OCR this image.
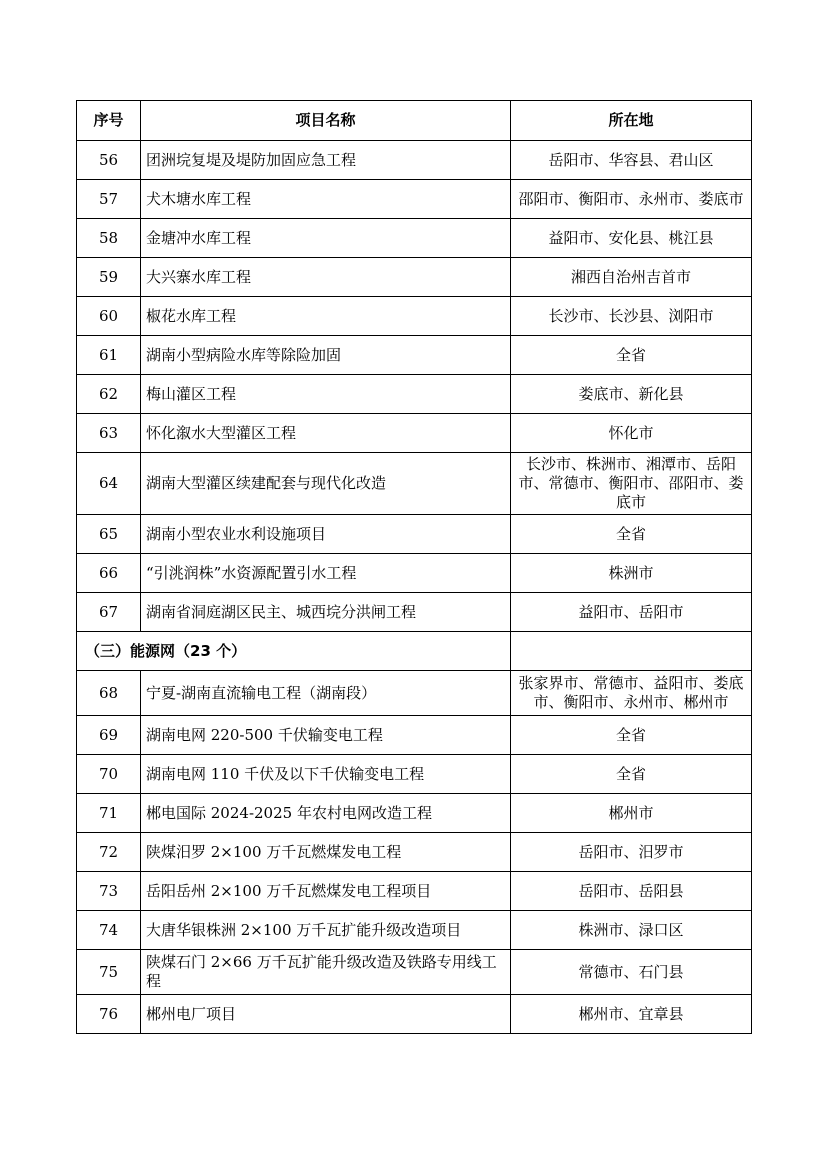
序号	项目名称	所在地
56	团洲垸复堤及堤防加固应急工程	岳阳市、华容县、君山区
57	犬木塘水库工程	邵阳市、衡阳市、永州市、娄底市
58	金塘冲水库工程	益阳市、安化县、桃江县
59	大兴寨水库工程	湘西自治州吉首市
60	椒花水库工程	长沙市、长沙县、浏阳市
61	湖南小型病险水库等除险加固	全省
62	梅山灌区工程	娄底市、新化县
63	怀化溆水大型灌区工程	怀化市
64	湖南大型灌区续建配套与现代化改造	长沙市、株洲市、湘潭市、岳阳市、常德市、衡阳市、邵阳市、娄底市
65	湖南小型农业水利设施项目	全省
66	“引洮润株”水资源配置引水工程	株洲市
67	湖南省洞庭湖区民主、城西垸分洪闸工程	益阳市、岳阳市
（三）能源网（23 个）		
68	宁夏-湖南直流输电工程（湖南段）	张家界市、常德市、益阳市、娄底市、衡阳市、永州市、郴州市
69	湖南电网 220-500 千伏输变电工程	全省
70	湖南电网 110 千伏及以下千伏输变电工程	全省
71	郴电国际 2024-2025 年农村电网改造工程	郴州市
72	陕煤汨罗 2×100 万千瓦燃煤发电工程	岳阳市、汨罗市
73	岳阳岳州 2×100 万千瓦燃煤发电工程项目	岳阳市、岳阳县
74	大唐华银株洲 2×100 万千瓦扩能升级改造项目	株洲市、渌口区
75	陕煤石门 2×66 万千瓦扩能升级改造及铁路专用线工程	常德市、石门县
76	郴州电厂项目	郴州市、宜章县
